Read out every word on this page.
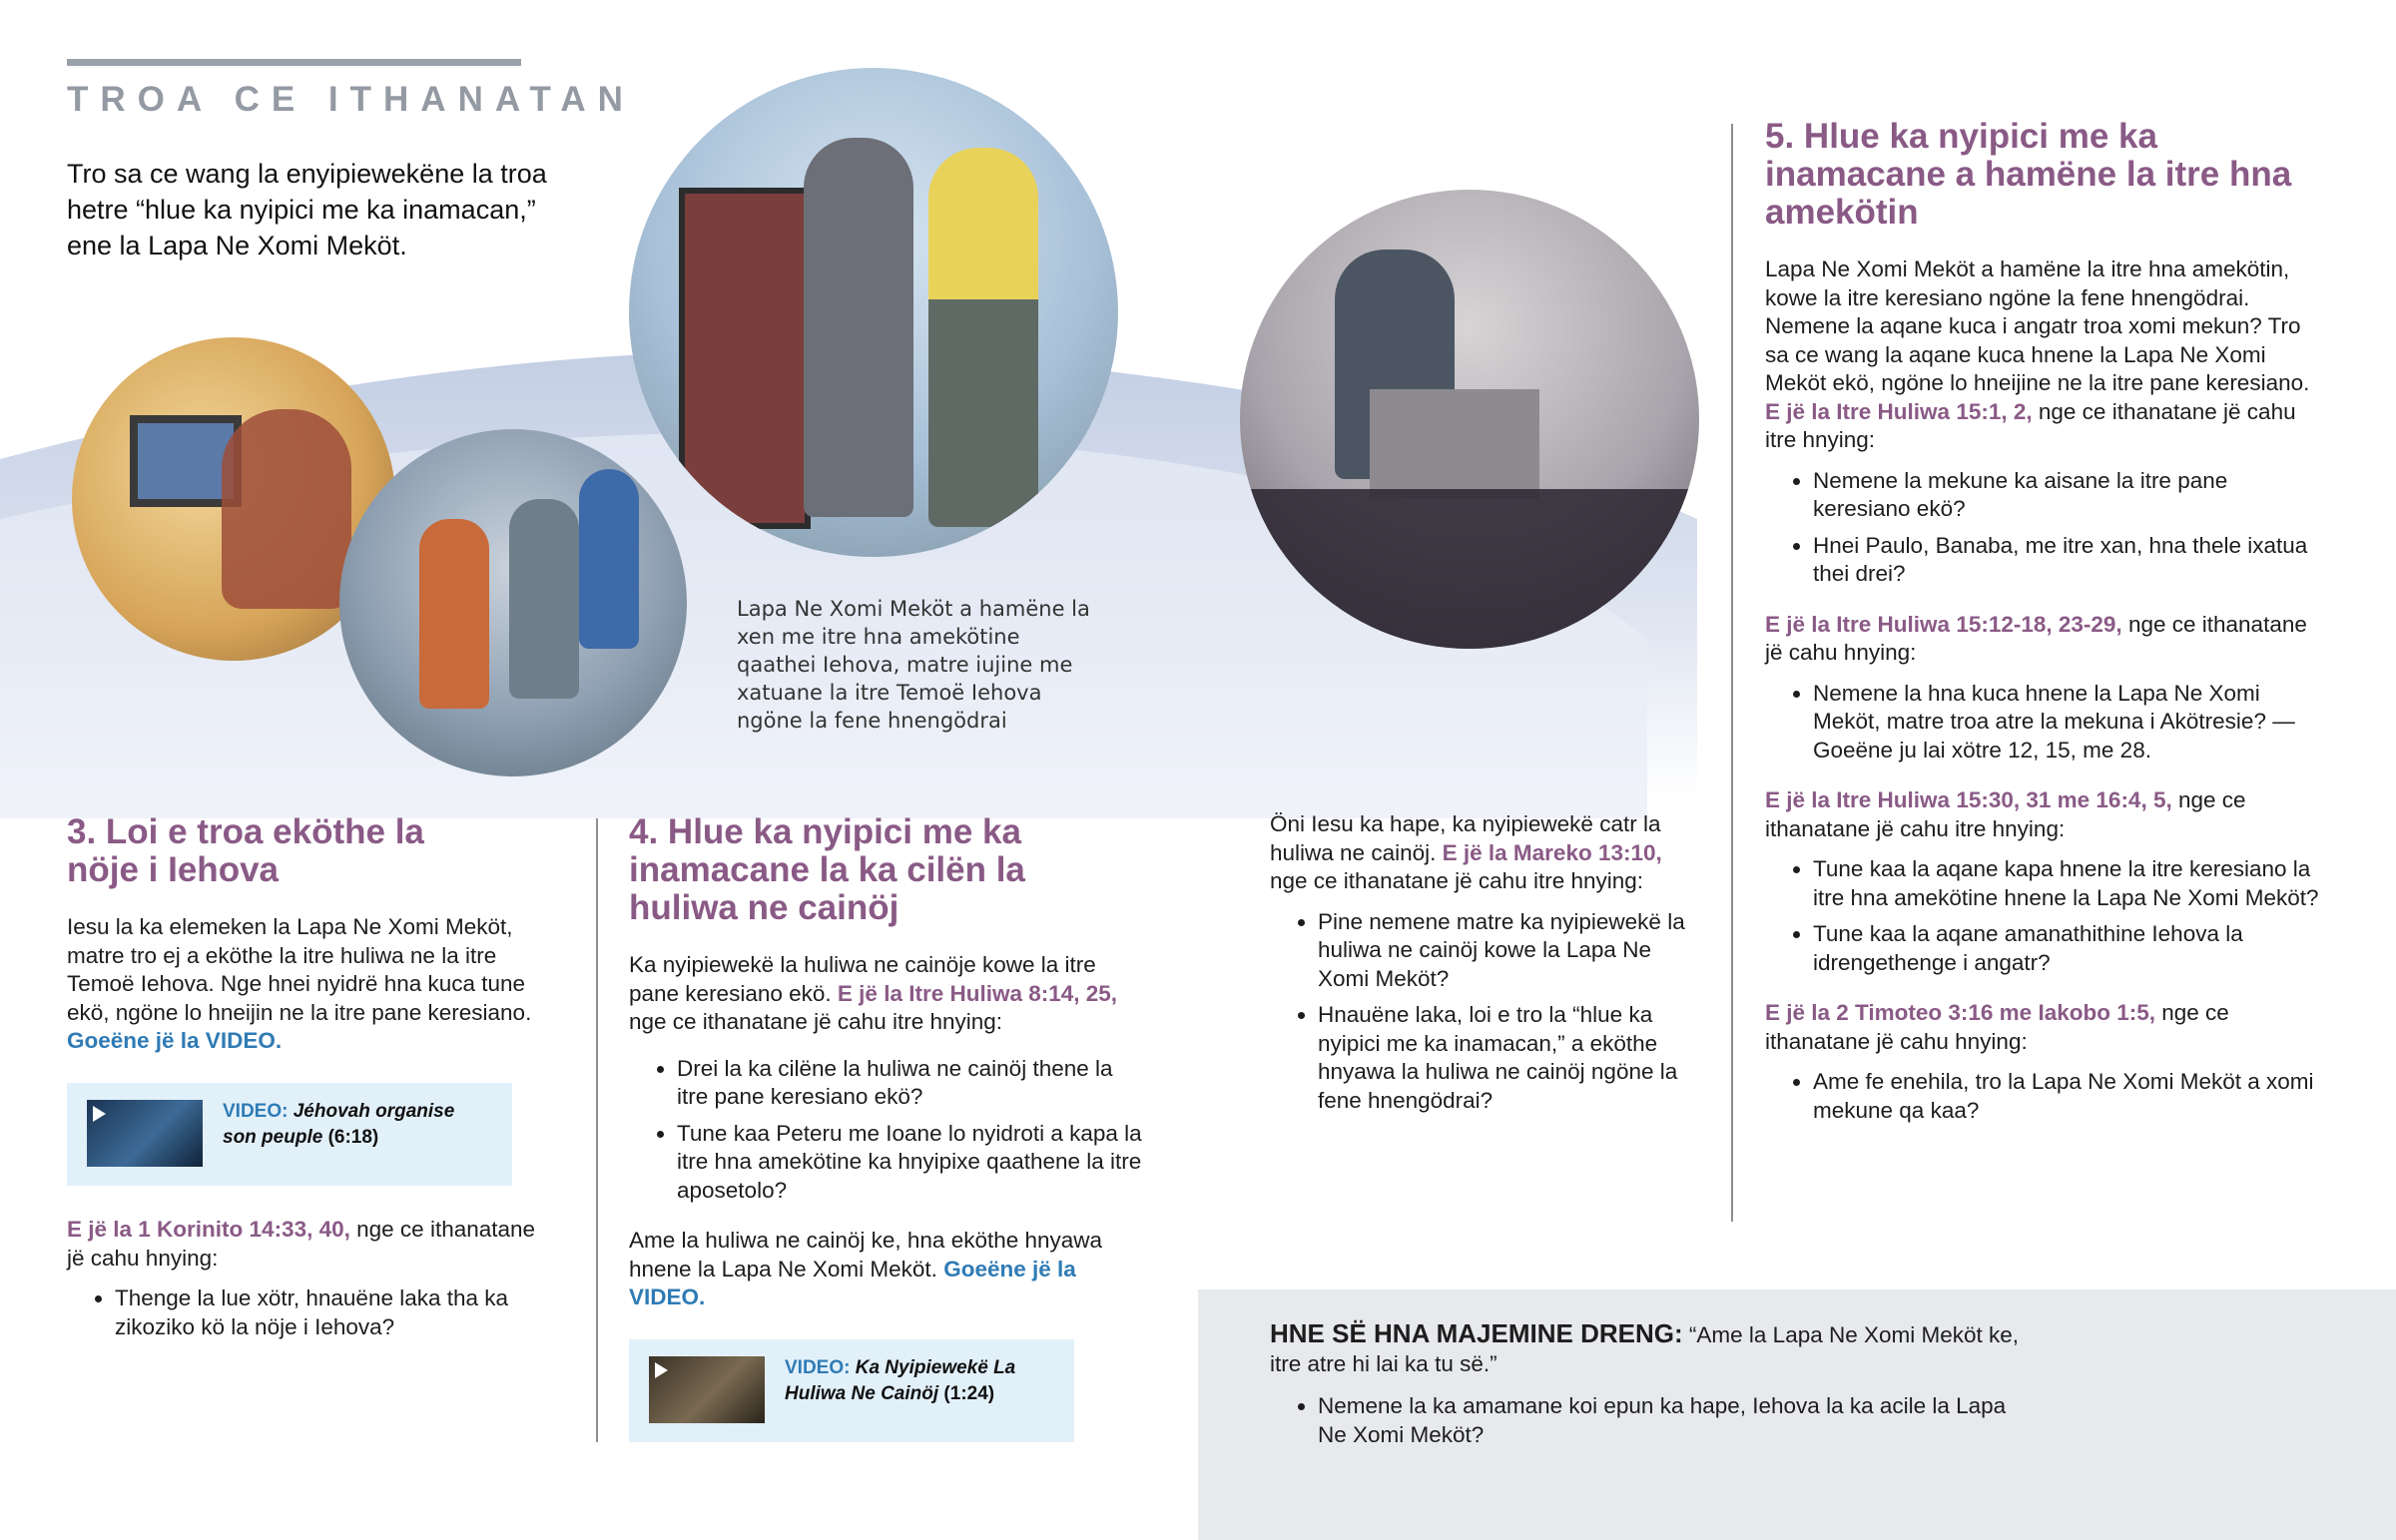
TROA CE ITHANATAN
Tro sa ce wang la enyipiewekëne la troa hetre “hlue ka nyipici me ka inamacan,” ene la Lapa Ne Xomi Meköt.
Lapa Ne Xomi Meköt a hamëne la xen me itre hna amekötine qaathei Iehova, matre iujine me xatuane la itre Temoë Iehova ngöne la fene hnengödrai
3. Loi e troa eköthe la nöje i Iehova

Iesu la ka elemeken la Lapa Ne Xomi Meköt, matre tro ej a eköthe la itre huliwa ne la itre Temoë Iehova. Nge hnei nyidrë hna kuca tune ekö, ngöne lo hneijin ne la itre pane keresiano. Goeëne jë la VIDEO.

VIDEO: Jéhovah organise son peuple (6:18)

E jë la 1 Korinito 14:33, 40, nge ce ithanatane jë cahu hnying:

• Thenge la lue xötr, hnauëne laka tha ka zikoziko kö la nöje i Iehova?
4. Hlue ka nyipici me ka inamacane la ka cilën la huliwa ne cainöj

Ka nyipiewekë la huliwa ne cainöje kowe la itre pane keresiano ekö. E jë la Itre Huliwa 8:14, 25, nge ce ithanatane jë cahu itre hnying:

• Drei la ka cilëne la huliwa ne cainöj thene la itre pane keresiano ekö?
• Tune kaa Peteru me Ioane lo nyidroti a kapa la itre hna amekötine ka hnyipixe qaathene la itre aposetolo?

Ame la huliwa ne cainöj ke, hna eköthe hnyawa hnene la Lapa Ne Xomi Meköt. Goeëne jë la VIDEO.

VIDEO: Ka Nyipiewekë La Huliwa Ne Cainöj (1:24)

Öni Iesu ka hape, ka nyipiewekë catr la huliwa ne cainöj. E jë la Mareko 13:10, nge ce ithanatane jë cahu itre hnying:

• Pine nemene matre ka nyipiewekë la huliwa ne cainöj kowe la Lapa Ne Xomi Meköt?
• Hnauëne laka, loi e tro la “hlue ka nyipici me ka inamacan,” a eköthe hnyawa la huliwa ne cainöj ngöne la fene hnengödrai?
5. Hlue ka nyipici me ka inamacane a hamëne la itre hna amekötin

Lapa Ne Xomi Meköt a hamëne la itre hna amekötin, kowe la itre keresiano ngöne la fene hnengödrai. Nemene la aqane kuca i angatr troa xomi mekun? Tro sa ce wang la aqane kuca hnene la Lapa Ne Xomi Meköt ekö, ngöne lo hneijine ne la itre pane keresiano. E jë la Itre Huliwa 15:1, 2, nge ce ithanatane jë cahu itre hnying:

• Nemene la mekune ka aisane la itre pane keresiano ekö?
• Hnei Paulo, Banaba, me itre xan, hna thele ixatua thei drei?

E jë la Itre Huliwa 15:12-18, 23-29, nge ce ithanatane jë cahu hnying:

• Nemene la hna kuca hnene la Lapa Ne Xomi Meköt, matre troa atre la mekuna i Akötresie? —Goeëne ju lai xötre 12, 15, me 28.

E jë la Itre Huliwa 15:30, 31 me 16:4, 5, nge ce ithanatane jë cahu itre hnying:

• Tune kaa la aqane kapa hnene la itre keresiano la itre hna amekötine hnene la Lapa Ne Xomi Meköt?
• Tune kaa la aqane amanathithine Iehova la idrengethenge i angatr?

E jë la 2 Timoteo 3:16 me Iakobo 1:5, nge ce ithanatane jë cahu hnying:

• Ame fe enehila, tro la Lapa Ne Xomi Meköt a xomi mekune qa kaa?

HNE SË HNA MAJEMINE DRENG: “Ame la Lapa Ne Xomi Meköt ke, itre atre hi lai ka tu së.”

• Nemene la ka amamane koi epun ka hape, Iehova la ka acile la Lapa Ne Xomi Meköt?
